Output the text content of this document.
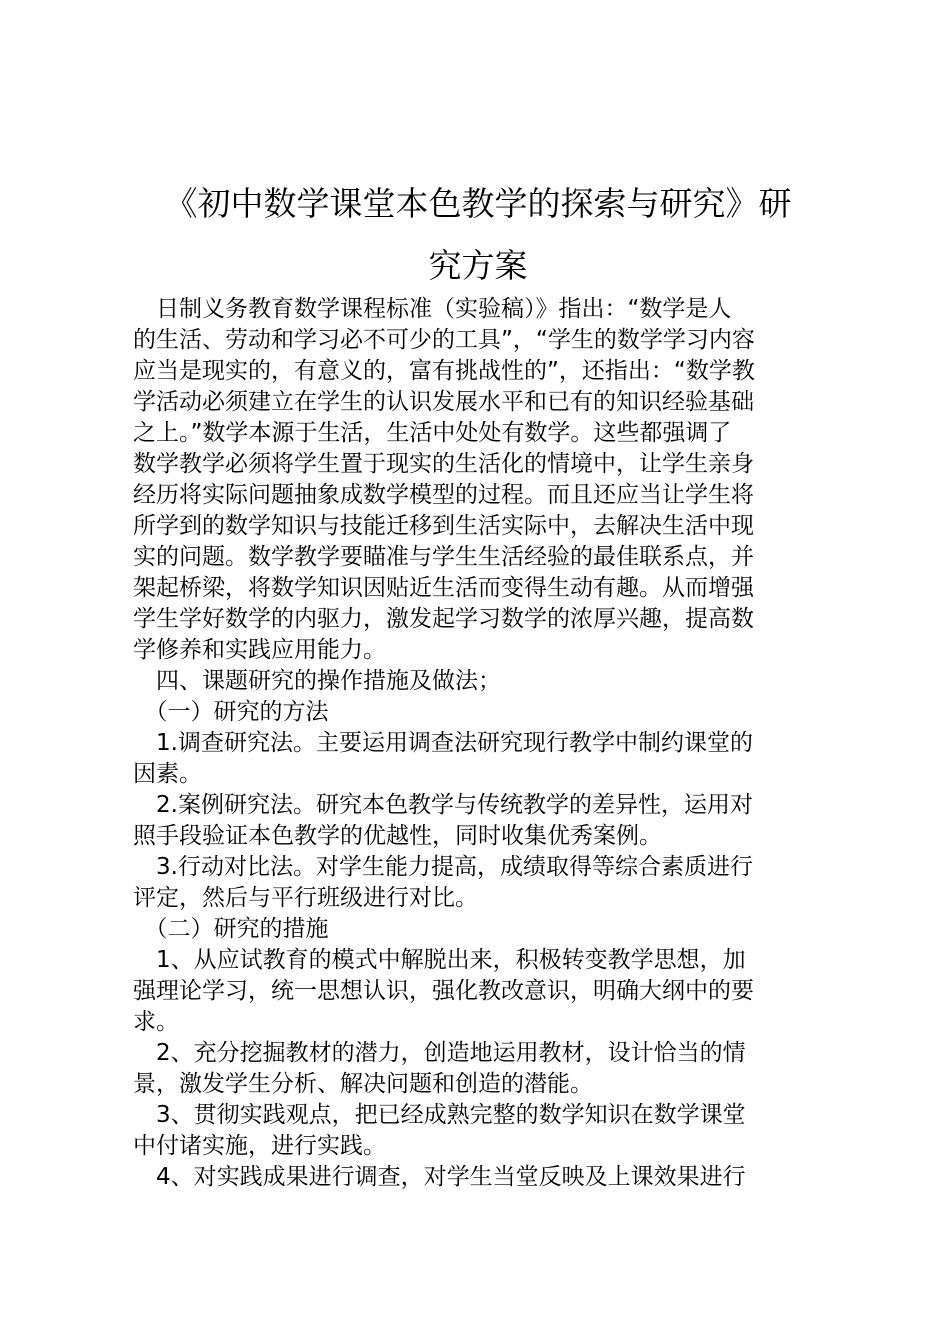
《初中数学课堂本色教学的探索与研究》研
究方案

　日制义务教育数学课程标准（实验稿）》指出：“数学是人

的生活、劳动和学习必不可少的工具”，“学生的数学学习内容

应当是现实的，有意义的，富有挑战性的”，还指出：“数学教

学活动必须建立在学生的认识发展水平和已有的知识经验基础

之上。”数学本源于生活，生活中处处有数学。这些都强调了

数学教学必须将学生置于现实的生活化的情境中，让学生亲身

经历将实际问题抽象成数学模型的过程。而且还应当让学生将

所学到的数学知识与技能迁移到生活实际中，去解决生活中现

实的问题。数学教学要瞄准与学生生活经验的最佳联系点，并

架起桥梁，将数学知识因贴近生活而变得生动有趣。从而增强

学生学好数学的内驱力，激发起学习数学的浓厚兴趣，提高数

学修养和实践应用能力。

　四、课题研究的操作措施及做法；

　（一）研究的方法

　1.调查研究法。主要运用调查法研究现行教学中制约课堂的

因素。

　2.案例研究法。研究本色教学与传统教学的差异性，运用对

照手段验证本色教学的优越性，同时收集优秀案例。

　3.行动对比法。对学生能力提高，成绩取得等综合素质进行

评定，然后与平行班级进行对比。

　（二）研究的措施

　1、从应试教育的模式中解脱出来，积极转变教学思想，加

强理论学习，统一思想认识，强化教改意识，明确大纲中的要

求。

　2、充分挖掘教材的潜力，创造地运用教材，设计恰当的情

景，激发学生分析、解决问题和创造的潜能。

　3、贯彻实践观点，把已经成熟完整的数学知识在数学课堂

中付诸实施，进行实践。

　4、对实践成果进行调查，对学生当堂反映及上课效果进行
